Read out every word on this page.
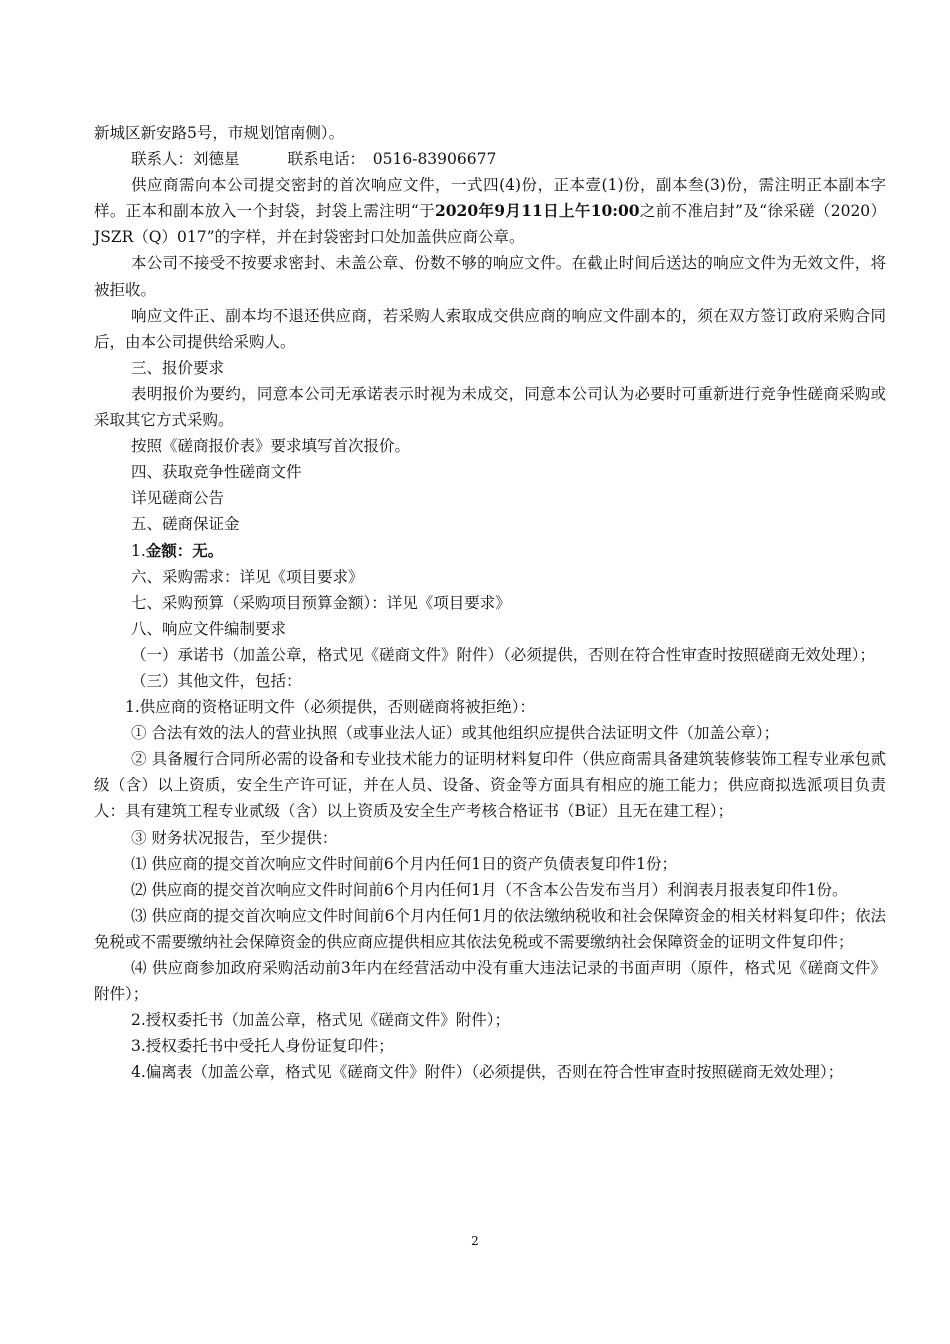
新城区新安路5号，市规划馆南侧）。

联系人：刘德星	联系电话：　0516-83906677

供应商需向本公司提交密封的首次响应文件，一式四(4)份，正本壹(1)份，副本叁(3)份，需注明正本副本字样。正本和副本放入一个封袋，封袋上需注明“于2020年9月11日上午10:00之前不准启封”及“徐采磋（2020）JSZR（Q）017”的字样，并在封袋密封口处加盖供应商公章。

本公司不接受不按要求密封、未盖公章、份数不够的响应文件。在截止时间后送达的响应文件为无效文件，将被拒收。

响应文件正、副本均不退还供应商，若采购人索取成交供应商的响应文件副本的，须在双方签订政府采购合同后，由本公司提供给采购人。

三、报价要求

表明报价为要约，同意本公司无承诺表示时视为未成交，同意本公司认为必要时可重新进行竞争性磋商采购或采取其它方式采购。

按照《磋商报价表》要求填写首次报价。

四、获取竞争性磋商文件

详见磋商公告

五、磋商保证金

1.金额：无。

六、采购需求：详见《项目要求》

七、采购预算（采购项目预算金额）：详见《项目要求》

八、响应文件编制要求

（一）承诺书（加盖公章，格式见《磋商文件》附件）（必须提供，否则在符合性审查时按照磋商无效处理）；

（三）其他文件，包括：

1.供应商的资格证明文件（必须提供，否则磋商将被拒绝）：

① 合法有效的法人的营业执照（或事业法人证）或其他组织应提供合法证明文件（加盖公章）；

② 具备履行合同所必需的设备和专业技术能力的证明材料复印件（供应商需具备建筑装修装饰工程专业承包贰级（含）以上资质，安全生产许可证，并在人员、设备、资金等方面具有相应的施工能力；供应商拟选派项目负责人：具有建筑工程专业贰级（含）以上资质及安全生产考核合格证书（B证）且无在建工程）；

③ 财务状况报告，至少提供：

⑴ 供应商的提交首次响应文件时间前6个月内任何1日的资产负债表复印件1份；

⑵ 供应商的提交首次响应文件时间前6个月内任何1月（不含本公告发布当月）利润表月报表复印件1份。

⑶ 供应商的提交首次响应文件时间前6个月内任何1月的依法缴纳税收和社会保障资金的相关材料复印件；依法免税或不需要缴纳社会保障资金的供应商应提供相应其依法免税或不需要缴纳社会保障资金的证明文件复印件；

⑷ 供应商参加政府采购活动前3年内在经营活动中没有重大违法记录的书面声明（原件，格式见《磋商文件》附件）；

2.授权委托书（加盖公章，格式见《磋商文件》附件）；

3.授权委托书中受托人身份证复印件；

4.偏离表（加盖公章，格式见《磋商文件》附件）（必须提供，否则在符合性审查时按照磋商无效处理）；

2
